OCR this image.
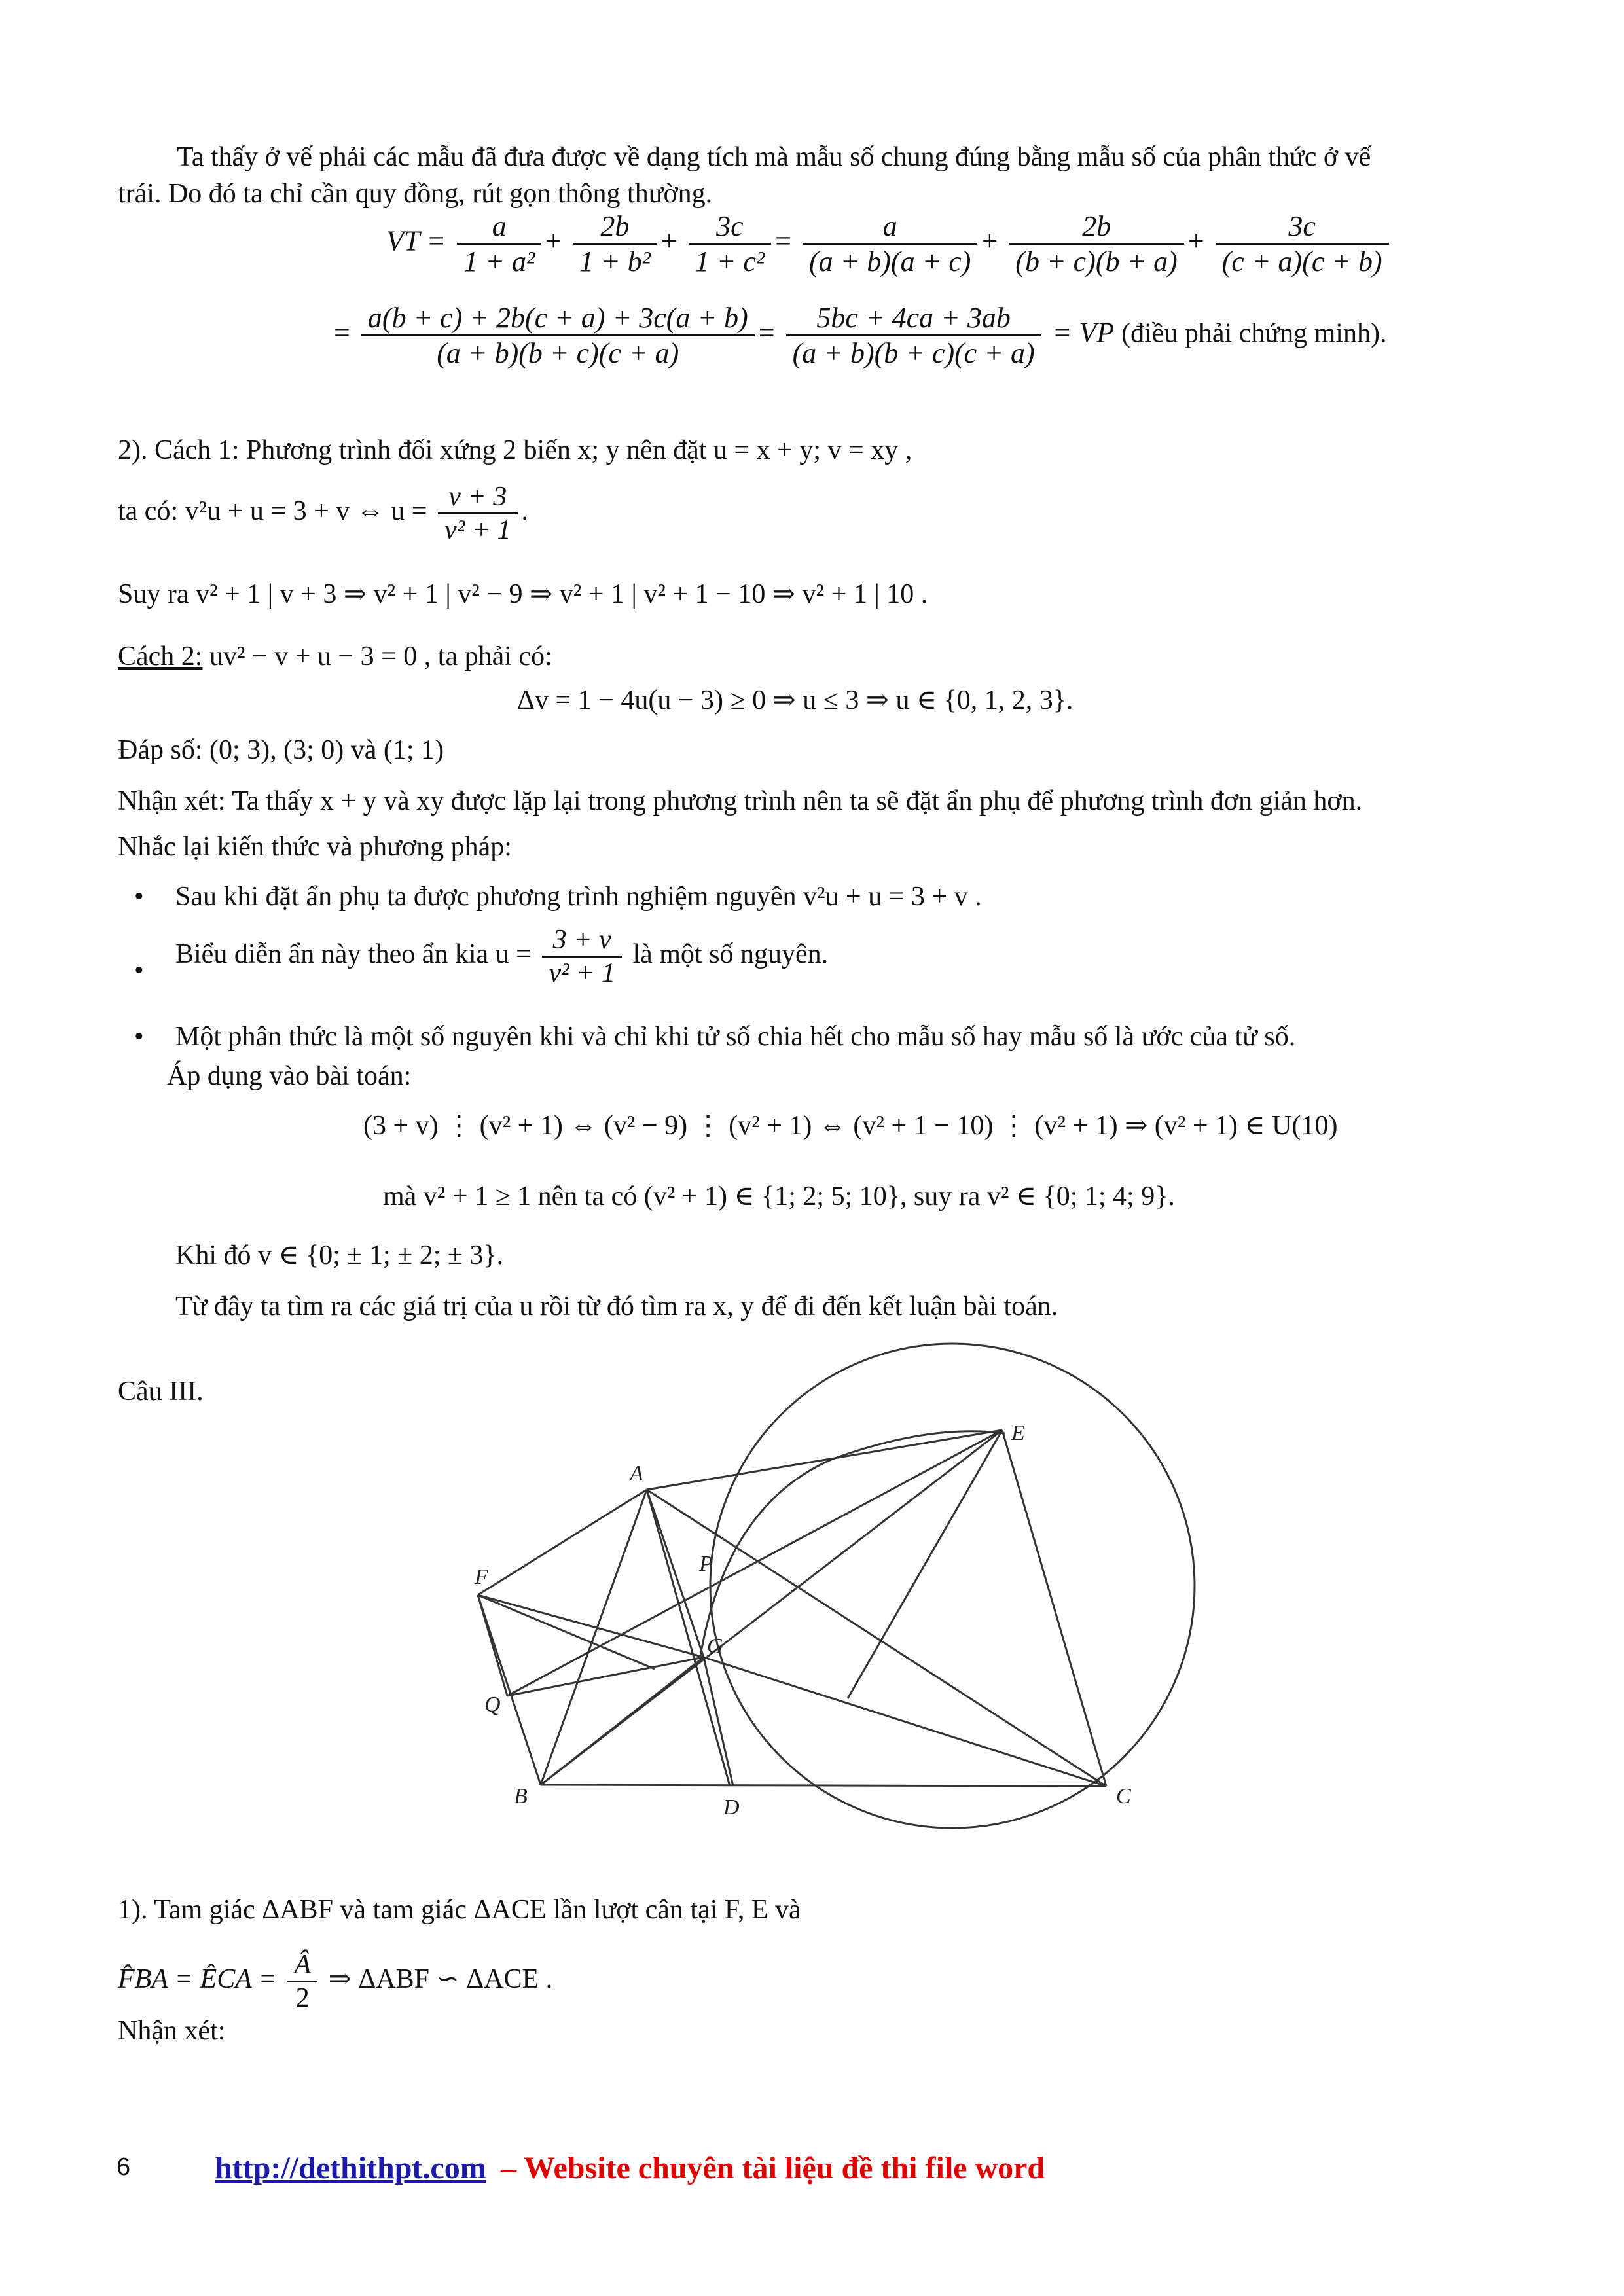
Ta thấy ở vế phải các mẫu đã đưa được về dạng tích mà mẫu số chung đúng bằng mẫu số của phân thức ở vế
trái. Do đó ta chỉ cần quy đồng, rút gọn thông thường.
VT = $\frac{a}{\text{1 + a²}} + \frac{2b}{\text{1 + b²}} + \frac{3c}{\text{1 + c²}} = \frac{a}{(a + b)(a + c)} + \frac{2b}{(b + c)(b + a)} + \frac{3c}{(c + a)(c + b)}$
= $\frac{a(b + c) + 2b(c + a) + 3c(a + b)}{(a + b)(b + c)(c + a)} = \frac{5bc + 4ca + 3ab}{(a + b)(b + c)(c + a)}$ = VP (điều phải chứng minh).
2). Cách 1: Phương trình đối xứng 2 biến x; y nên đặt u = x + y; v = xy ,
ta có: v²u + u = 3 + v ⇔ $u = \frac{v + 3}{\text{v² + 1}}$ .
Suy ra v² + 1 | v + 3 ⇒ v² + 1 | v² − 9 ⇒ v² + 1 | v² + 1 − 10 ⇒ v² + 1 | 10 .
Cách 2: uv² − v + u − 3 = 0 , ta phải có:
Δv = 1 − 4u(u − 3) ≥ 0 ⇒ u ≤ 3 ⇒ u ∈ {0, 1, 2, 3}.
Đáp số: (0; 3), (3; 0) và (1; 1)
Nhận xét: Ta thấy x + y và xy được lặp lại trong phương trình nên ta sẽ đặt ẩn phụ để phương trình đơn giản hơn.
Nhắc lại kiến thức và phương pháp:
• Sau khi đặt ẩn phụ ta được phương trình nghiệm nguyên v²u + u = 3 + v .
•
Biểu diễn ẩn này theo ẩn kia $u = \frac{3 + v}{\text{v² + 1}}$ là một số nguyên.
• Một phân thức là một số nguyên khi và chỉ khi tử số chia hết cho mẫu số hay mẫu số là ước của tử số.
Áp dụng vào bài toán:
(3 + v) ⋮ (v² + 1) ⇔ (v² − 9) ⋮ (v² + 1) ⇔ (v² + 1 − 10) ⋮ (v² + 1) ⇒ (v² + 1) ∈ U(10)
mà v² + 1 ≥ 1 nên ta có (v² + 1) ∈ {1; 2; 5; 10}, suy ra v² ∈ {0; 1; 4; 9}.
Khi đó v ∈ {0; ± 1; ± 2; ± 3}.
Từ đây ta tìm ra các giá trị của u rồi từ đó tìm ra x, y để đi đến kết luận bài toán.
Câu III.
A
B	C
D
E
F
G
P
Q
1). Tam giác ΔABF và tam giác ΔACE lần lượt cân tại F, E và
F̂BA = ÊCA = $\frac{Â}{2}$ ⇒ ΔABF ∽ ΔACE .
Nhận xét:
6	http://dethithpt.com – Website chuyên tài liệu đề thi file word
